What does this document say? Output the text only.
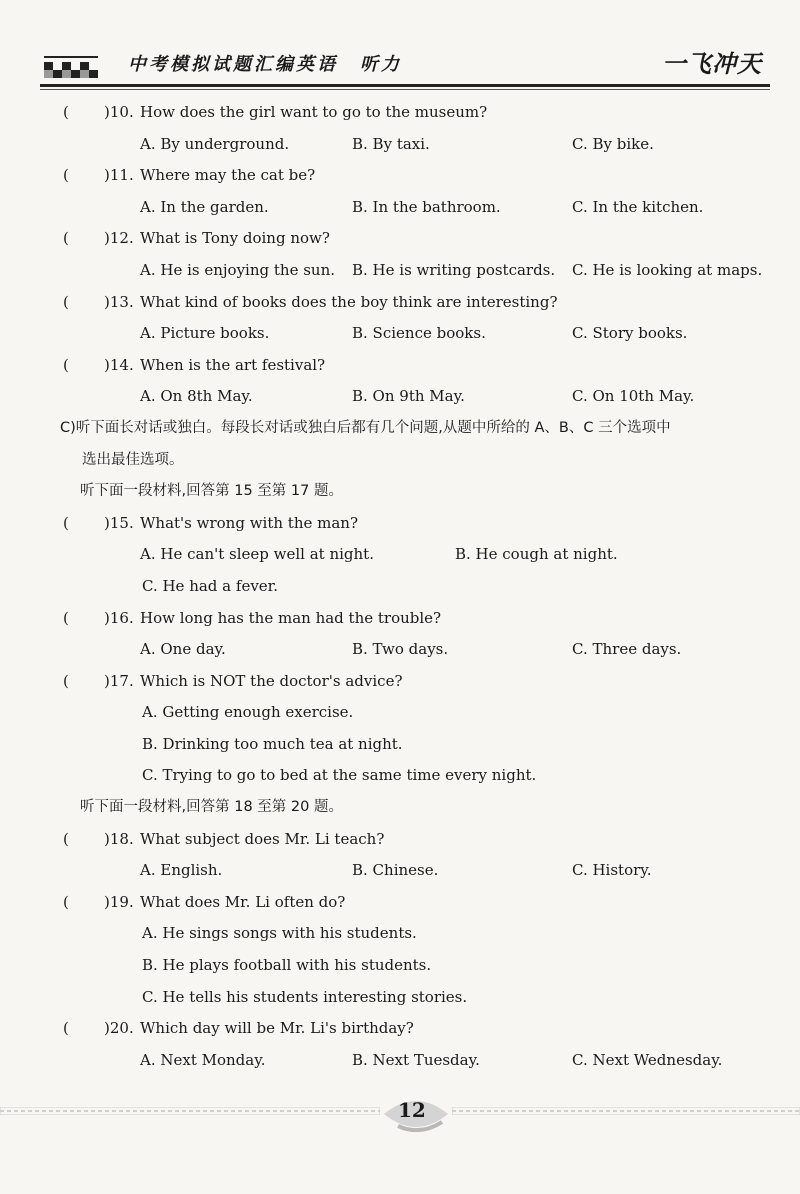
中考模拟试题汇编英语 听力	一飞冲天
( )10. How does the girl want to go to the museum?
A. By underground.	B. By taxi.	C. By bike.
( )11. Where may the cat be?
A. In the garden.	B. In the bathroom.	C. In the kitchen.
( )12. What is Tony doing now?
A. He is enjoying the sun. B. He is writing postcards. C. He is looking at maps.
( )13. What kind of books does the boy think are interesting?
A. Picture books.	B. Science books.	C. Story books.
( )14. When is the art festival?
A. On 8th May.	B. On 9th May.	C. On 10th May.
C)听下面长对话或独白。每段长对话或独白后都有几个问题,从题中所给的 A、B、C 三个选项中
选出最佳选项。
听下面一段材料,回答第 15 至第 17 题。
( )15. What's wrong with the man?
A. He can't sleep well at night.	B. He cough at night.
C. He had a fever.
( )16. How long has the man had the trouble?
A. One day.	B. Two days.	C. Three days.
( )17. Which is NOT the doctor's advice?
A. Getting enough exercise.
B. Drinking too much tea at night.
C. Trying to go to bed at the same time every night.
听下面一段材料,回答第 18 至第 20 题。
( )18. What subject does Mr. Li teach?
A. English.	B. Chinese.	C. History.
( )19. What does Mr. Li often do?
A. He sings songs with his students.
B. He plays football with his students.
C. He tells his students interesting stories.
( )20. Which day will be Mr. Li's birthday?
A. Next Monday.	B. Next Tuesday.	C. Next Wednesday.
12
